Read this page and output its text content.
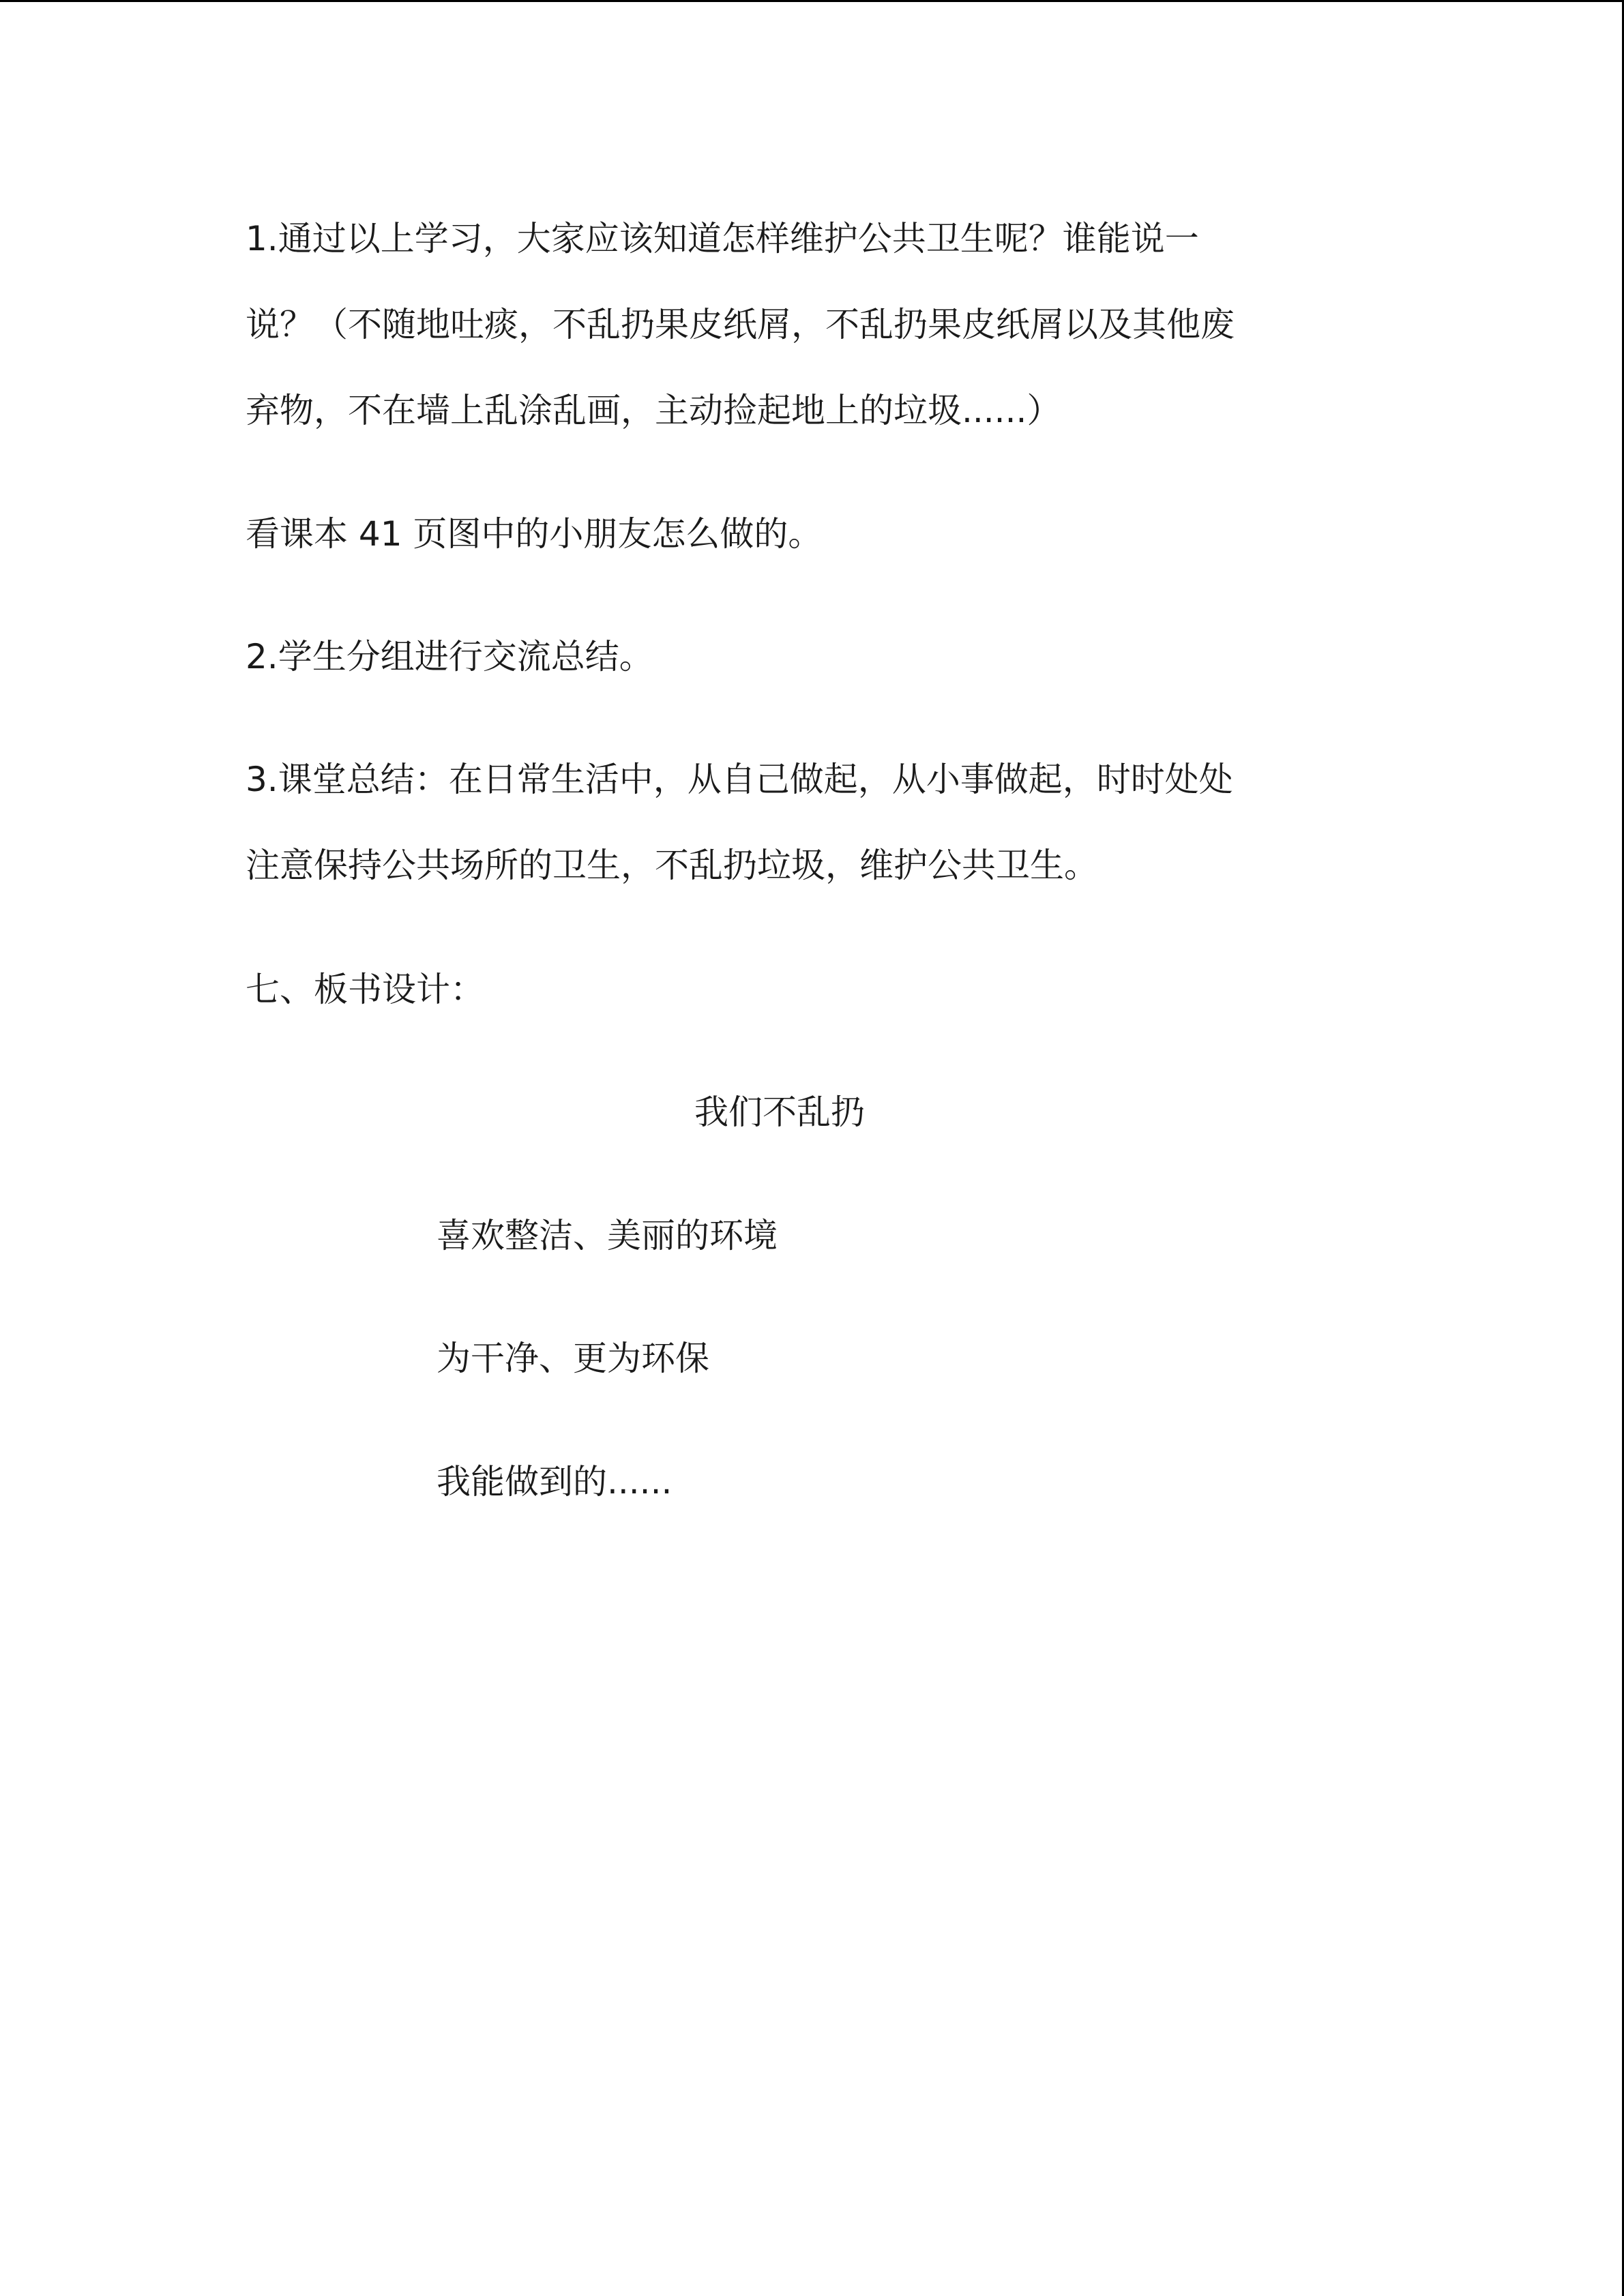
1.通过以上学习，大家应该知道怎样维护公共卫生呢？谁能说一

说？（不随地吐痰，不乱扔果皮纸屑，不乱扔果皮纸屑以及其他废

弃物，不在墙上乱涂乱画，主动捡起地上的垃圾......）

看课本 41 页图中的小朋友怎么做的。

2.学生分组进行交流总结。

3.课堂总结：在日常生活中，从自己做起，从小事做起，时时处处

注意保持公共场所的卫生，不乱扔垃圾，维护公共卫生。

七、板书设计：

我们不乱扔

喜欢整洁、美丽的环境

为干净、更为环保

我能做到的......
